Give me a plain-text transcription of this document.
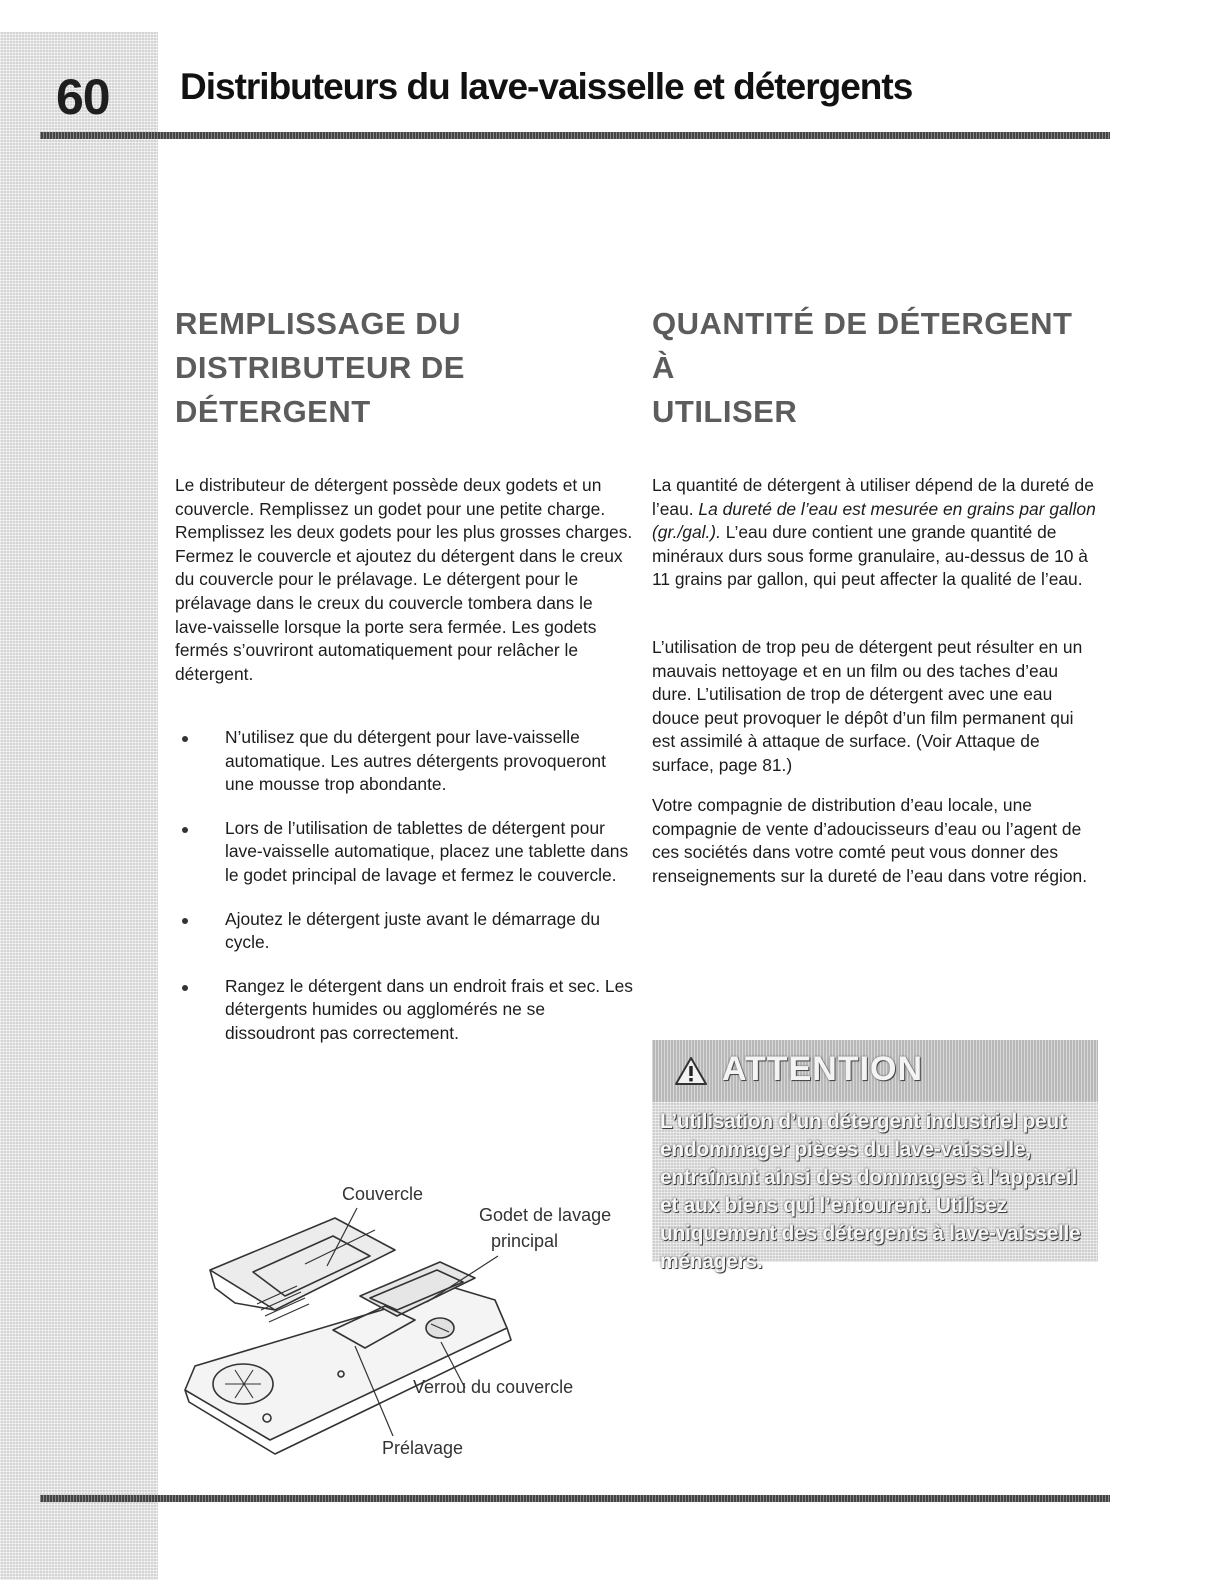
60 Distributeurs du lave-vaisselle et détergents
REMPLISSAGE DU
DISTRIBUTEUR DE
DÉTERGENT

Le distributeur de détergent possède deux godets et un couvercle. Remplissez un godet pour une petite charge. Remplissez les deux godets pour les plus grosses charges. Fermez le couvercle et ajoutez du détergent dans le creux du couvercle pour le prélavage. Le détergent pour le prélavage dans le creux du couvercle tombera dans le lave-vaisselle lorsque la porte sera fermée. Les godets fermés s’ouvriront automatiquement pour relâcher le détergent.

N’utilisez que du détergent pour lave-vaisselle automatique. Les autres détergents provoqueront une mousse trop abondante.
Lors de l’utilisation de tablettes de détergent pour lave-vaisselle automatique, placez une tablette dans le godet principal de lavage et fermez le couvercle.
Ajoutez le détergent juste avant le démarrage du cycle.
Rangez le détergent dans un endroit frais et sec. Les détergents humides ou agglomérés ne se dissoudront pas correctement.
Couvercle
Godet de lavage
principal
Verrou du couvercle
Prélavage
QUANTITÉ DE DÉTERGENT À
UTILISER

La quantité de détergent à utiliser dépend de la dureté de l’eau. La dureté de l’eau est mesurée en grains par gallon (gr./gal.). L’eau dure contient une grande quantité de minéraux durs sous forme granulaire, au-dessus de 10 à 11 grains par gallon, qui peut affecter la qualité de l’eau.

L’utilisation de trop peu de détergent peut résulter en un mauvais nettoyage et en un film ou des taches d’eau dure. L’utilisation de trop de détergent avec une eau douce peut provoquer le dépôt d’un film permanent qui est assimilé à attaque de surface. (Voir Attaque de surface, page 81.)

Votre compagnie de distribution d’eau locale, une compagnie de vente d’adoucisseurs d’eau ou l’agent de ces sociétés dans votre comté peut vous donner des renseignements sur la dureté de l’eau dans votre région.

ATTENTION

L’utilisation d’un détergent industriel peut endommager pièces du lave-vaisselle, entraînant ainsi des dommages à l’appareil et aux biens qui l’entourent. Utilisez uniquement des détergents à lave-vaisselle ménagers.
